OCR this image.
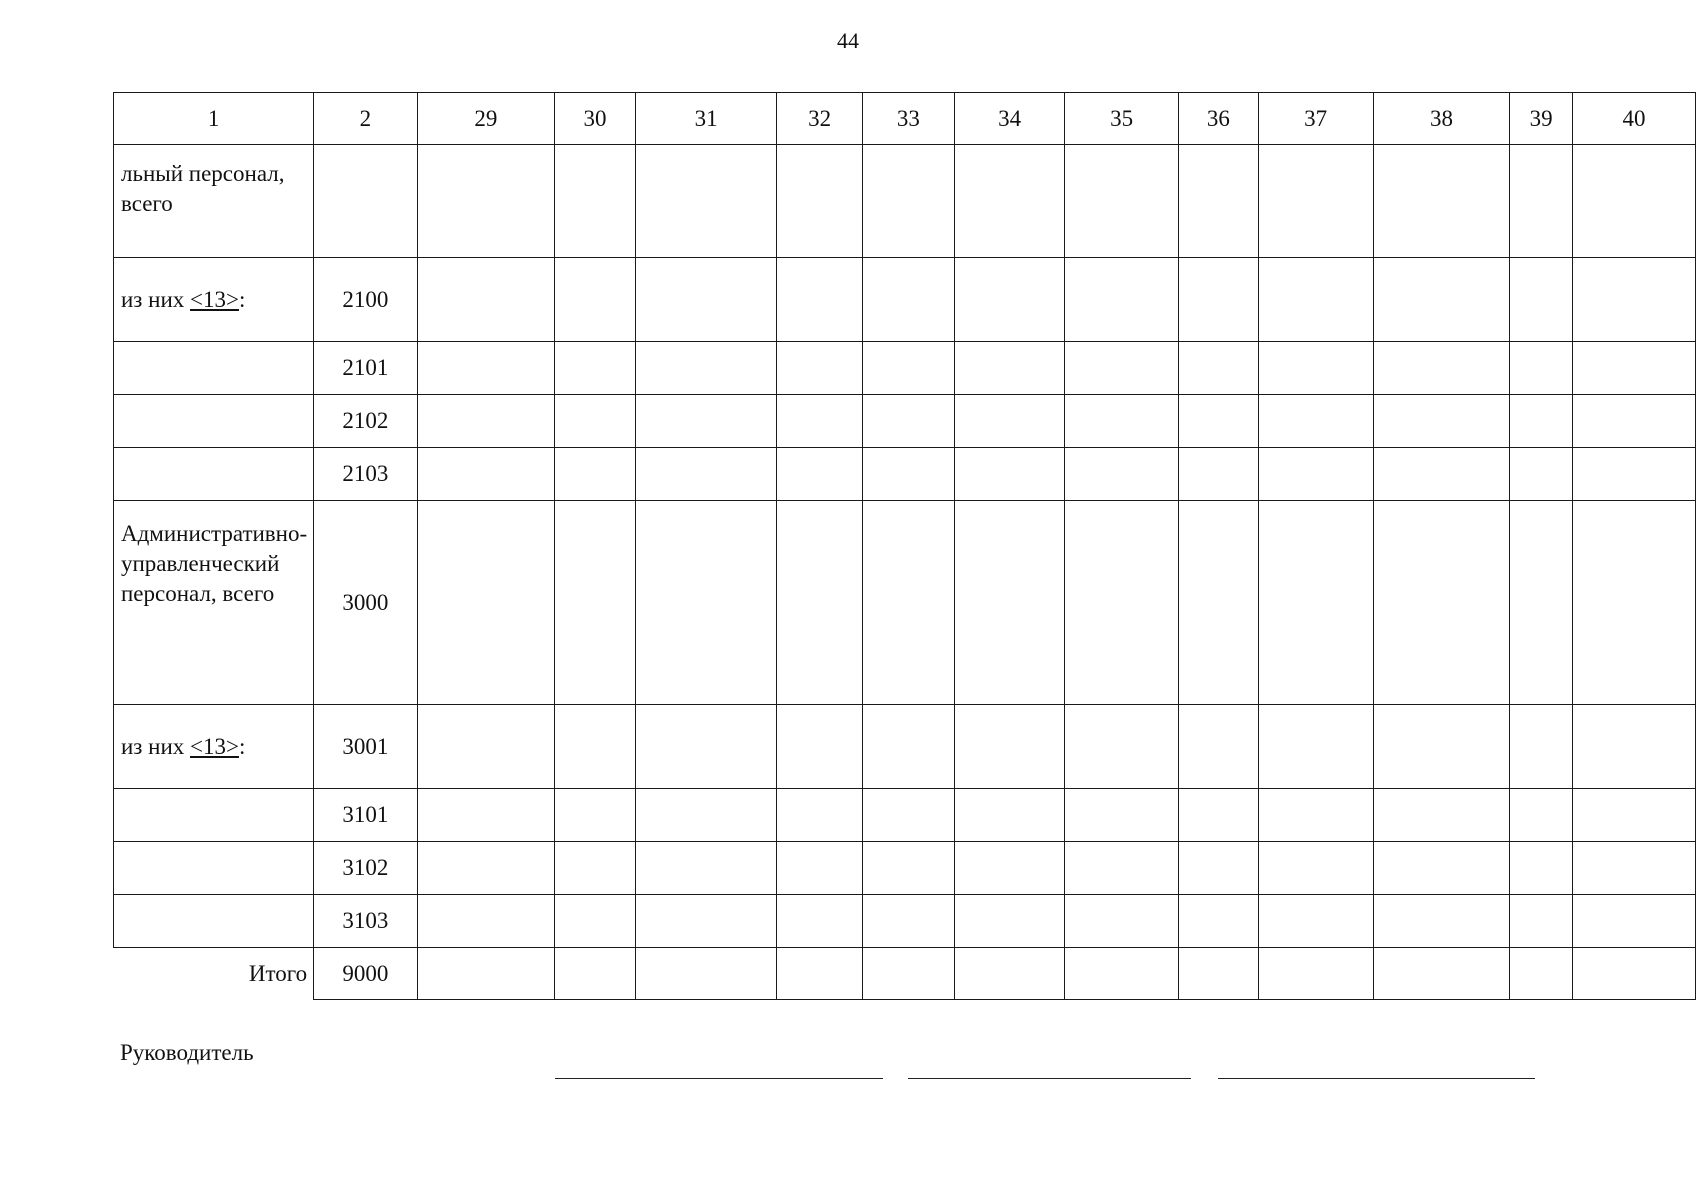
44
1	2	29	30	31	32	33	34	35	36	37	38	39	40
льный персонал, всего													
из них <13>:	2100												
	2101												
	2102												
	2103												
Административно-управленческий персонал, всего	3000												
из них <13>:	3001												
	3101												
	3102												
	3103												
Итого	9000												
Руководитель
